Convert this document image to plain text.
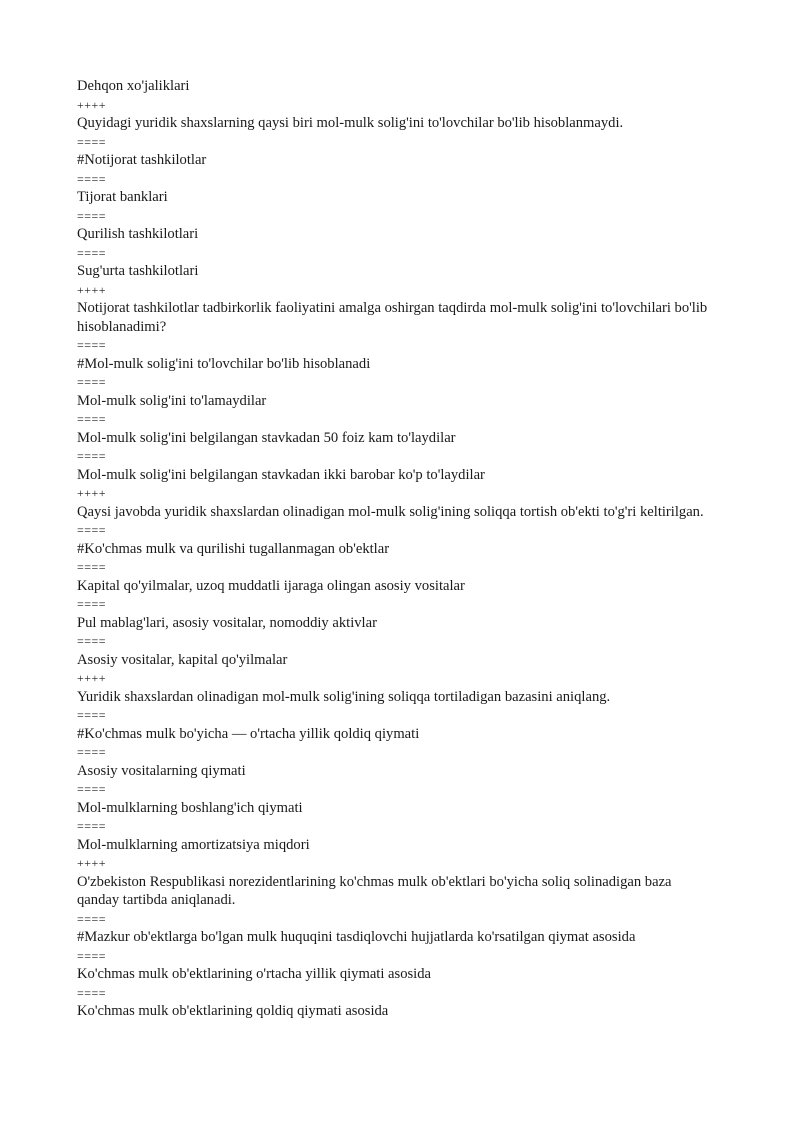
Dehqon xo'jaliklari
++++
Quyidagi yuridik shaxslarning qaysi biri mol-mulk solig'ini to'lovchilar bo'lib hisoblanmaydi.
====
#Notijorat tashkilotlar
====
Tijorat banklari
====
Qurilish tashkilotlari
====
Sug'urta tashkilotlari
++++
Notijorat tashkilotlar tadbirkorlik faoliyatini amalga oshirgan taqdirda mol-mulk solig'ini to'lovchilari bo'lib hisoblanadimi?
====
#Mol-mulk solig'ini to'lovchilar bo'lib hisoblanadi
====
Mol-mulk solig'ini to'lamaydilar
====
Mol-mulk solig'ini belgilangan stavkadan 50 foiz kam to'laydilar
====
Mol-mulk solig'ini belgilangan stavkadan ikki barobar ko'p to'laydilar
++++
Qaysi javobda yuridik shaxslardan olinadigan mol-mulk solig'ining soliqqa tortish ob'ekti to'g'ri keltirilgan.
====
#Ko'chmas mulk va qurilishi tugallanmagan ob'ektlar
====
Kapital qo'yilmalar, uzoq muddatli ijaraga olingan asosiy vositalar
====
Pul mablag'lari, asosiy vositalar, nomoddiy aktivlar
====
Asosiy vositalar, kapital qo'yilmalar
++++
Yuridik shaxslardan olinadigan mol-mulk solig'ining soliqqa tortiladigan bazasini aniqlang.
====
#Ko'chmas mulk bo'yicha — o'rtacha yillik qoldiq qiymati
====
Asosiy vositalarning qiymati
====
Mol-mulklarning boshlang'ich qiymati
====
Mol-mulklarning amortizatsiya miqdori
++++
O'zbekiston Respublikasi norezidentlarining ko'chmas mulk ob'ektlari bo'yicha soliq solinadigan baza qanday tartibda aniqlanadi.
====
#Mazkur ob'ektlarga bo'lgan mulk huquqini tasdiqlovchi hujjatlarda ko'rsatilgan qiymat asosida
====
Ko'chmas mulk ob'ektlarining o'rtacha yillik qiymati asosida
====
Ko'chmas mulk ob'ektlarining qoldiq qiymati asosida
